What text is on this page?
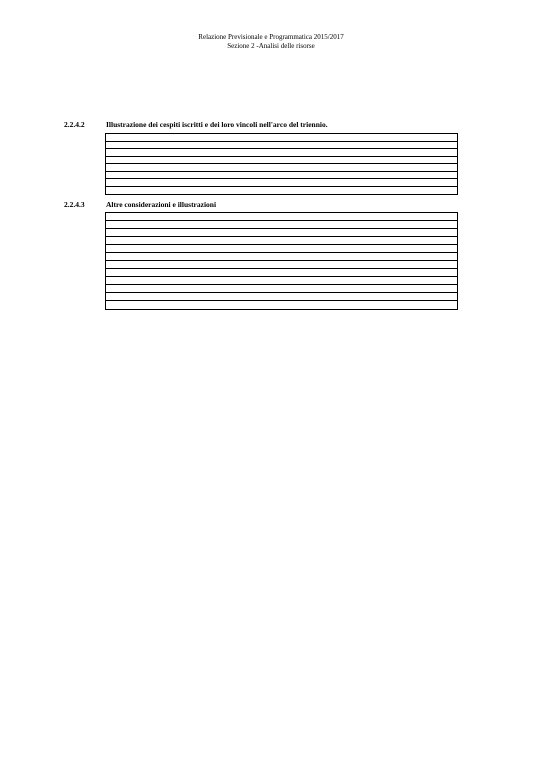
Relazione Previsionale e Programmatica 2015/2017
Sezione 2 -Analisi delle risorse
2.2.4.2	Illustrazione dei cespiti iscritti e dei loro vincoli nell'arco del triennio.
2.2.4.3	Altre considerazioni e illustrazioni
